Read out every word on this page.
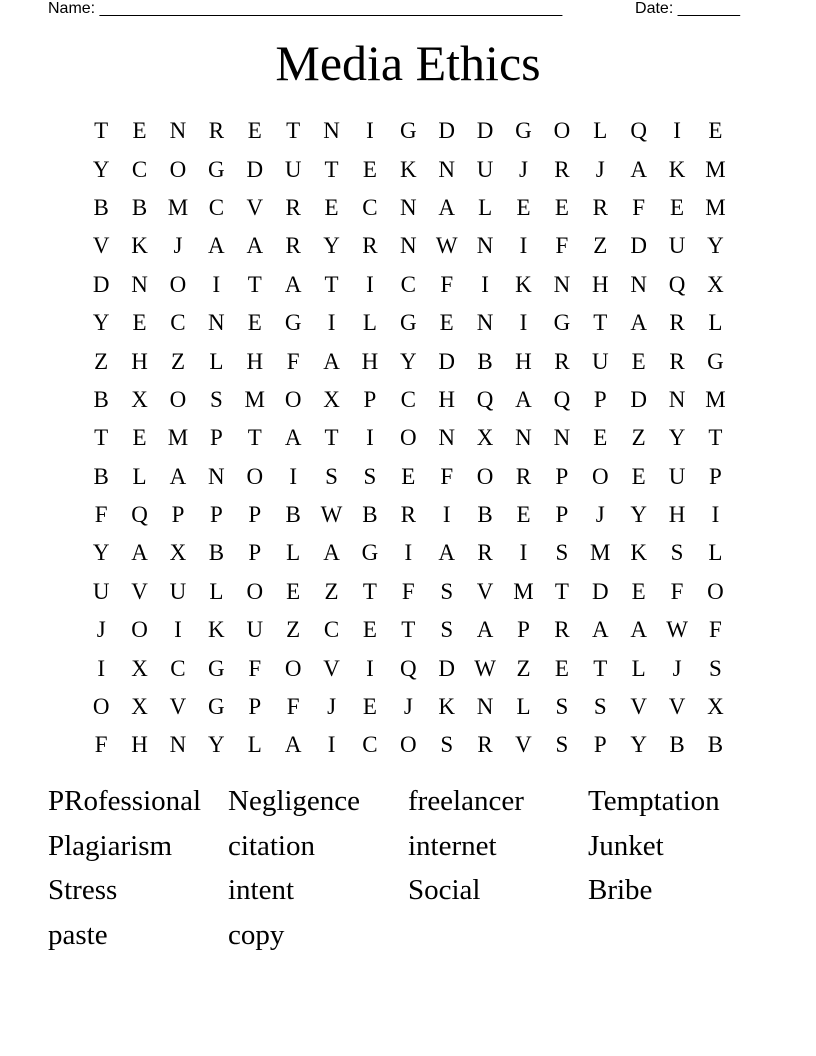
Name: ____________________________________________________	Date: _______
Media Ethics
T	E	N R	E	T	N	I	G D D G O	L	Q	I	E
Y C O G D U	T	E	K N U	J	R	J	A K M
B	B M C V R	E	C N A	L	E	E	R	F	E M
V K	J	A A R Y R N W N	I	F	Z	D U Y
D N O	I	T	A	T	I	C	F	I	K N H N Q X
Y	E	C N	E	G	I	L	G	E	N	I	G	T	A R	L
Z	H	Z	L	H	F	A H Y D B H R U	E	R G
B X O	S M O X	P	C H Q A Q	P	D N M
T	E M P	T	A	T	I	O N X N N	E	Z	Y	T
B	L	A N O	I	S	S	E	F	O R	P	O	E	U	P
F	Q	P	P	P	B W B	R	I	B	E	P	J	Y H	I
Y A X B	P	L	A G	I	A R	I	S M K	S	L
U V U	L	O	E	Z	T	F	S	V M T	D	E	F	O
J	O	I	K U	Z	C	E	T	S	A	P	R A A W F
I	X C G	F	O V	I	Q D W Z	E	T	L	J	S
O X V G	P	F	J	E	J	K N	L	S	S	V V X
F	H N Y	L	A	I	C O	S	R V	S	P	Y B	B
PRofessional Negligence	freelancer	Temptation
Plagiarism	citation	internet	Junket
Stress	intent	Social	Bribe
paste	copy
